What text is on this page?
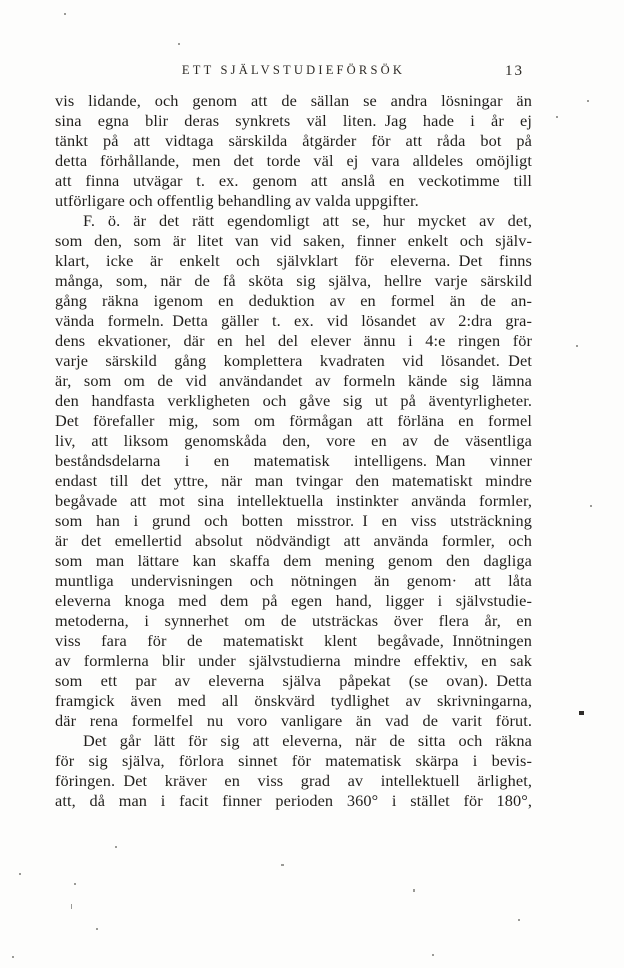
ETT SJÄLVSTUDIEFÖRSÖK	13
vis lidande, och genom att de sällan se andra lösningar än
sina egna blir deras synkrets väl liten. Jag hade i år ej
tänkt på att vidtaga särskilda åtgärder för att råda bot på
detta förhållande, men det torde väl ej vara alldeles omöjligt
att finna utvägar t. ex. genom att anslå en veckotimme till
utförligare och offentlig behandling av valda uppgifter.
F. ö. är det rätt egendomligt att se, hur mycket av det,
som den, som är litet van vid saken, finner enkelt och själv-
klart, icke är enkelt och självklart för eleverna. Det finns
många, som, när de få sköta sig själva, hellre varje särskild
gång räkna igenom en deduktion av en formel än de an-
vända formeln. Detta gäller t. ex. vid lösandet av 2:dra gra-
dens ekvationer, där en hel del elever ännu i 4:e ringen för
varje särskild gång komplettera kvadraten vid lösandet. Det
är, som om de vid användandet av formeln kände sig lämna
den handfasta verkligheten och gåve sig ut på äventyrligheter.
Det förefaller mig, som om förmågan att förläna en formel
liv, att liksom genomskåda den, vore en av de väsentliga
beståndsdelarna i en matematisk intelligens. Man vinner
endast till det yttre, när man tvingar den matematiskt mindre
begåvade att mot sina intellektuella instinkter använda formler,
som han i grund och botten misstror. I en viss utsträckning
är det emellertid absolut nödvändigt att använda formler, och
som man lättare kan skaffa dem mening genom den dagliga
muntliga undervisningen och nötningen än genom· att låta
eleverna knoga med dem på egen hand, ligger i självstudie-
metoderna, i synnerhet om de utsträckas över flera år, en
viss fara för de matematiskt klent begåvade, Innötningen
av formlerna blir under självstudierna mindre effektiv, en sak
som ett par av eleverna själva påpekat (se ovan). Detta
framgick även med all önskvärd tydlighet av skrivningarna,
där rena formelfel nu voro vanligare än vad de varit förut.
Det går lätt för sig att eleverna, när de sitta och räkna
för sig själva, förlora sinnet för matematisk skärpa i bevis-
föringen. Det kräver en viss grad av intellektuell ärlighet,
att, då man i facit finner perioden 360° i stället för 180°,
